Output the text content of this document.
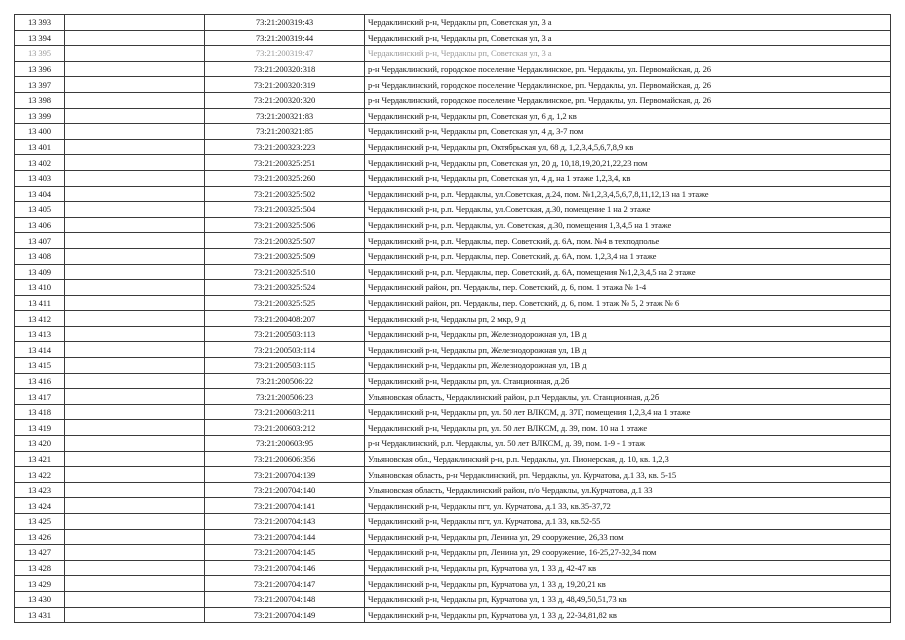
13 393		73:21:200319:43	Чердаклинский р-н, Чердаклы рп, Советская ул, 3 а
13 394		73:21:200319:44	Чердаклинский р-н, Чердаклы рп, Советская ул, 3 а
13 395		73:21:200319:47	Чердаклинский р-н, Чердаклы рп, Советская ул, 3 а
13 396		73:21:200320:318	р-н Чердаклинский, городское поселение Чердаклинское, рп. Чердаклы, ул. Первомайская, д. 26
13 397		73:21:200320:319	р-н Чердаклинский, городское поселение Чердаклинское, рп. Чердаклы, ул. Первомайская, д. 26
13 398		73:21:200320:320	р-н Чердаклинский, городское поселение Чердаклинское, рп. Чердаклы, ул. Первомайская, д. 26
13 399		73:21:200321:83	Чердаклинский р-н, Чердаклы рп, Советская ул, 6 д, 1,2 кв
13 400		73:21:200321:85	Чердаклинский р-н, Чердаклы рп, Советская ул, 4 д, 3-7 пом
13 401		73:21:200323:223	Чердаклинский р-н, Чердаклы рп, Октябрьская ул, 68 д, 1,2,3,4,5,6,7,8,9 кв
13 402		73:21:200325:251	Чердаклинский р-н, Чердаклы рп, Советская ул, 20 д, 10,18,19,20,21,22,23 пом
13 403		73:21:200325:260	Чердаклинский р-н, Чердаклы рп, Советская ул, 4 д, на 1 этаже 1,2,3,4, кв
13 404		73:21:200325:502	Чердаклинский р-н, р.п. Чердаклы, ул.Советская, д.24, пом. №1,2,3,4,5,6,7,8,11,12,13 на 1 этаже
13 405		73:21:200325:504	Чердаклинский р-н, р.п. Чердаклы, ул.Советская, д.30, помещение 1 на 2 этаже
13 406		73:21:200325:506	Чердаклинский р-н, р.п. Чердаклы, ул. Советская, д.30, помещения 1,3,4,5 на 1 этаже
13 407		73:21:200325:507	Чердаклинский р-н, р.п. Чердаклы, пер. Советский, д. 6А, пом. №4 в техподполье
13 408		73:21:200325:509	Чердаклинский р-н, р.п. Чердаклы, пер. Советский, д. 6А, пом. 1,2,3,4 на 1 этаже
13 409		73:21:200325:510	Чердаклинский р-н, р.п. Чердаклы, пер. Советский, д. 6А, помещения №1,2,3,4,5 на 2 этаже
13 410		73:21:200325:524	Чердаклинский район, рп. Чердаклы, пер. Советский, д. 6, пом. 1 этажа № 1-4
13 411		73:21:200325:525	Чердаклинский район, рп. Чердаклы, пер. Советский, д. 6, пом. 1 этаж № 5, 2 этаж № 6
13 412		73:21:200408:207	Чердаклинский р-н, Чердаклы рп, 2 мкр, 9 д
13 413		73:21:200503:113	Чердаклинский р-н, Чердаклы рп, Железнодорожная ул, 1В д
13 414		73:21:200503:114	Чердаклинский р-н, Чердаклы рп, Железнодорожная ул, 1В д
13 415		73:21:200503:115	Чердаклинский р-н, Чердаклы рп, Железнодорожная ул, 1В д
13 416		73:21:200506:22	Чердаклинский р-н, Чердаклы рп, ул. Станционная, д.2б
13 417		73:21:200506:23	Ульяновская область, Чердаклинский район, р.п Чердаклы, ул. Станционная, д.2б
13 418		73:21:200603:211	Чердаклинский р-н, Чердаклы рп, ул. 50 лет ВЛКСМ, д. 37Г, помещения 1,2,3,4 на 1 этаже
13 419		73:21:200603:212	Чердаклинский р-н, Чердаклы рп, ул. 50 лет ВЛКСМ, д. 39, пом. 10 на 1 этаже
13 420		73:21:200603:95	р-н Чердаклинский, р.п. Чердаклы, ул. 50 лет ВЛКСМ, д. 39, пом. 1-9 - 1 этаж
13 421		73:21:200606:356	Ульяновская обл., Чердаклинский р-н, р.п. Чердаклы, ул. Пионерская, д. 10, кв. 1,2,3
13 422		73:21:200704:139	Ульяновская область, р-н Чердаклинский, рп. Чердаклы, ул. Курчатова, д.1 33, кв. 5-15
13 423		73:21:200704:140	Ульяновская область, Чердаклинский район, п/о Чердаклы, ул.Курчатова, д.1 33
13 424		73:21:200704:141	Чердаклинский р-н, Чердаклы пгт, ул. Курчатова, д.1 33, кв.35-37,72
13 425		73:21:200704:143	Чердаклинский р-н, Чердаклы пгт, ул. Курчатова, д.1 33, кв.52-55
13 426		73:21:200704:144	Чердаклинский р-н, Чердаклы рп, Ленина ул, 29 сооружение, 26,33 пом
13 427		73:21:200704:145	Чердаклинский р-н, Чердаклы рп, Ленина ул, 29 сооружение, 16-25,27-32,34 пом
13 428		73:21:200704:146	Чердаклинский р-н, Чердаклы рп, Курчатова ул, 1 33 д, 42-47 кв
13 429		73:21:200704:147	Чердаклинский р-н, Чердаклы рп, Курчатова ул, 1 33 д, 19,20,21 кв
13 430		73:21:200704:148	Чердаклинский р-н, Чердаклы рп, Курчатова ул, 1 33 д, 48,49,50,51,73 кв
13 431		73:21:200704:149	Чердаклинский р-н, Чердаклы рп, Курчатова ул, 1 33 д, 22-34,81,82 кв
